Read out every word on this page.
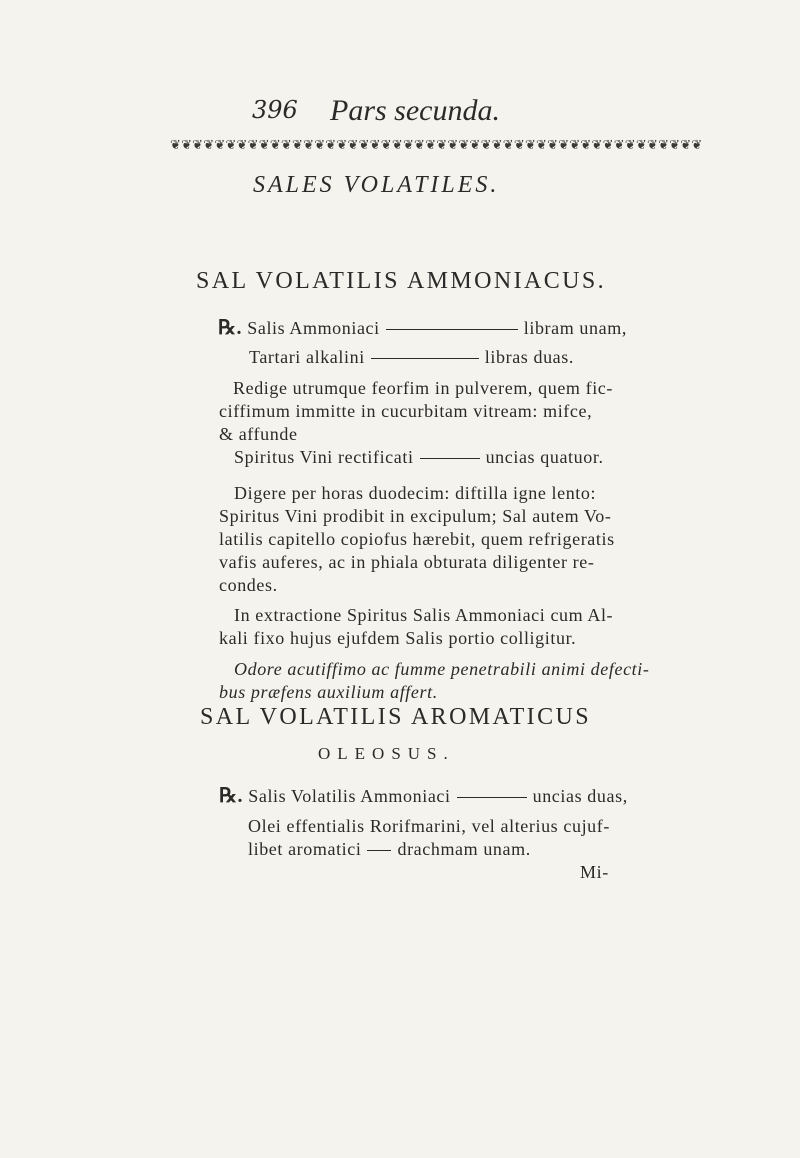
396 Pars secunda.
❦❦❦❦❦❦❦❦❦❦❦❦❦❦❦❦❦❦❦❦❦❦❦❦❦❦❦❦❦❦❦❦❦❦❦❦❦❦❦❦❦❦❦❦❦❦❦❦
SALES VOLATILES.
SAL VOLATILIS AMMONIACUS.
℞. Salis Ammoniaci	libram unam,
Tartari alkalini	libras duas.
Redige utrumque feorfim in pulverem, quem fic-
ciffimum immitte in cucurbitam vitream: mifce,
& affunde
Spiritus Vini rectificati	uncias quatuor.
Digere per horas duodecim: diftilla igne lento:
Spiritus Vini prodibit in excipulum; Sal autem Vo-
latilis capitello copiofus hærebit, quem refrigeratis
vafis auferes, ac in phiala obturata diligenter re-
condes.
In extractione Spiritus Salis Ammoniaci cum Al-
kali fixo hujus ejufdem Salis portio colligitur.
Odore acutiffimo ac fumme penetrabili animi defecti-
bus præfens auxilium affert.
SAL VOLATILIS AROMATICUS
OLEOSUS.
℞. Salis Volatilis Ammoniaci	uncias duas,
Olei effentialis Rorifmarini, vel alterius cujuf-
libet aromatici drachmam unam.
Mi-
